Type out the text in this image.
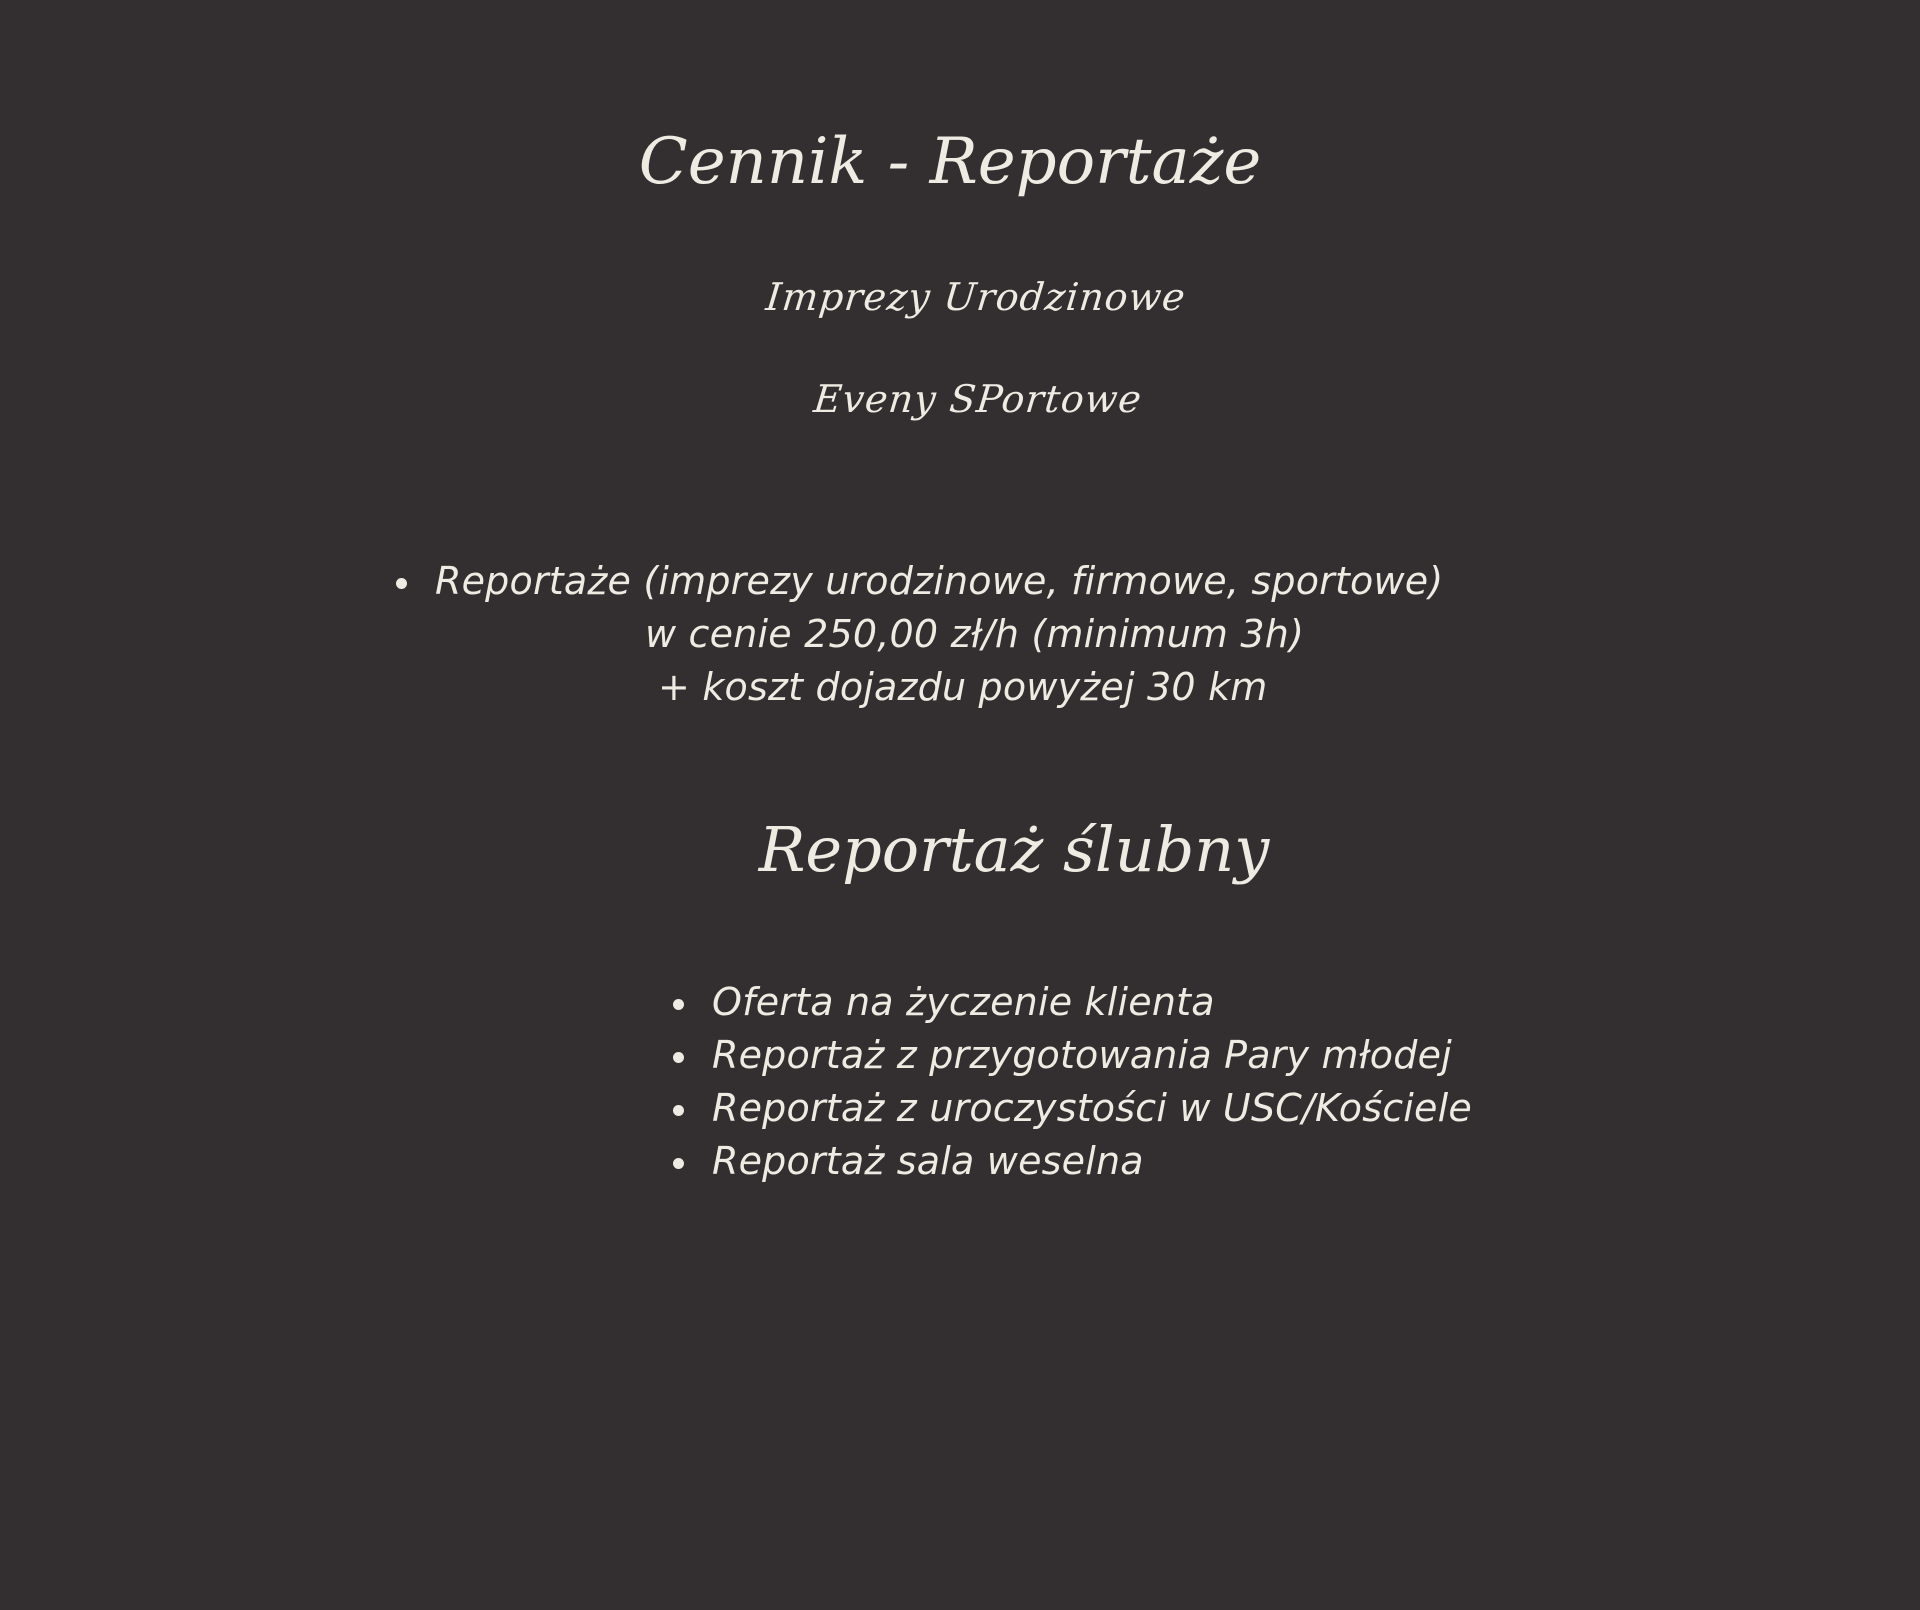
Cennik - Reportaże
Imprezy Urodzinowe
Eveny SPortowe
Reportaże (imprezy urodzinowe, firmowe, sportowe)
w cenie 250,00 zł/h (minimum 3h)
+ koszt dojazdu powyżej 30 km
Reportaż ślubny
Oferta na życzenie klienta
Reportaż z przygotowania Pary młodej
Reportaż z uroczystości w USC/Kościele
Reportaż sala weselna
